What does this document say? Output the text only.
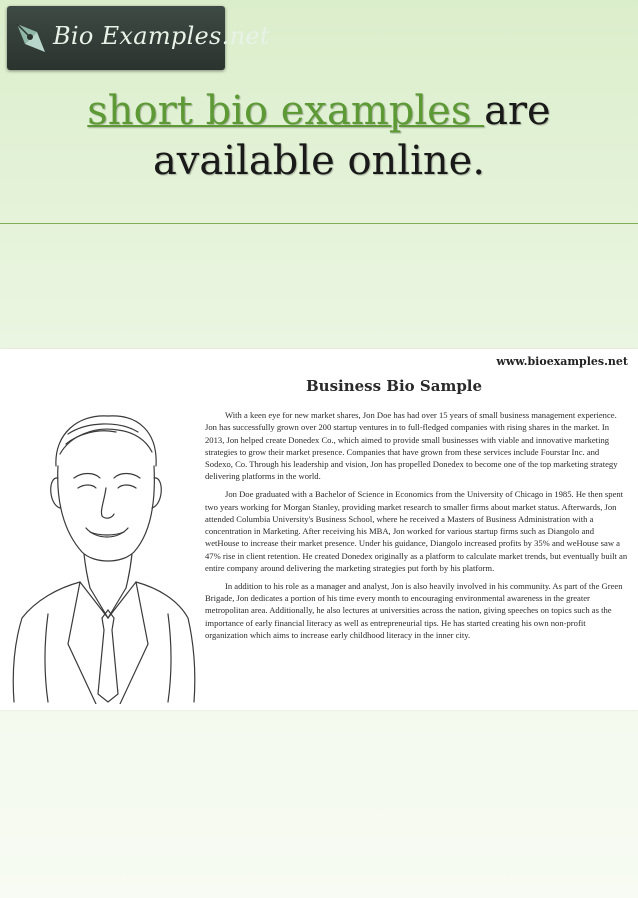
Bio Examples.net
short bio examples are
available online.
www.bioexamples.net
Business Bio Sample

With a keen eye for new market shares, Jon Doe has had over 15 years of small business management experience. Jon has successfully grown over 200 startup ventures in to full-fledged companies with rising shares in the market. In 2013, Jon helped create Donedex Co., which aimed to provide small businesses with viable and innovative marketing strategies to grow their market presence. Companies that have grown from these services include Fourstar Inc. and Sodexo, Co. Through his leadership and vision, Jon has propelled Donedex to become one of the top marketing strategy delivering platforms in the world.

Jon Doe graduated with a Bachelor of Science in Economics from the University of Chicago in 1985. He then spent two years working for Morgan Stanley, providing market research to smaller firms about market status. Afterwards, Jon attended Columbia University's Business School, where he received a Masters of Business Administration with a concentration in Marketing. After receiving his MBA, Jon worked for various startup firms such as Diangolo and wetHouse to increase their market presence. Under his guidance, Diangolo increased profits by 35% and weHouse saw a 47% rise in client retention. He created Donedex originally as a platform to calculate market trends, but eventually built an entire company around delivering the marketing strategies put forth by his platform.

In addition to his role as a manager and analyst, Jon is also heavily involved in his community. As part of the Green Brigade, Jon dedicates a portion of his time every month to encouraging environmental awareness in the greater metropolitan area. Additionally, he also lectures at universities across the nation, giving speeches on topics such as the importance of early financial literacy as well as entrepreneurial tips. He has started creating his own non-profit organization which aims to increase early childhood literacy in the inner city.
